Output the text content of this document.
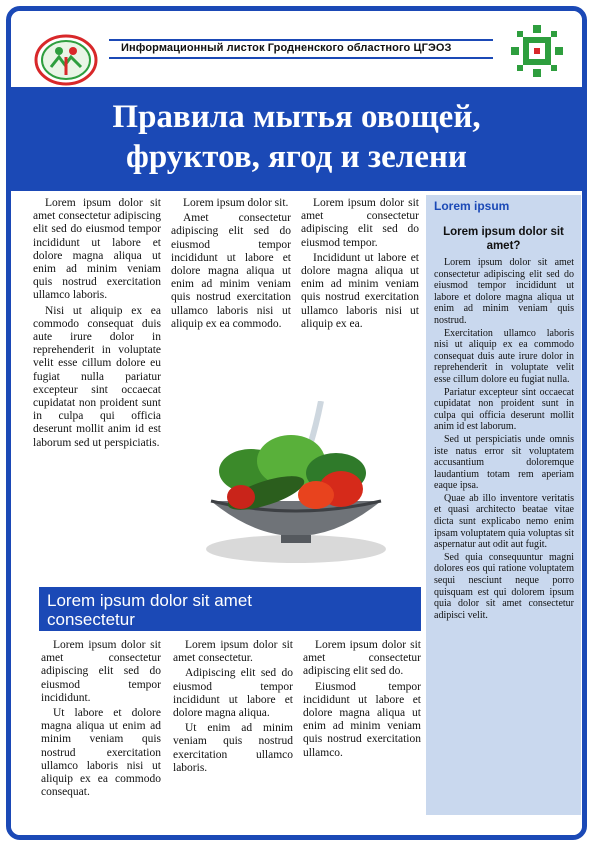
Информационный листок Гродненского областного ЦГЭОЗ
Правила мытья овощей,
фруктов, ягод и зелени

Lorem ipsum dolor sit amet consectetur adipiscing elit sed do eiusmod tempor incididunt ut labore et dolore magna aliqua ut enim ad minim veniam quis nostrud exercitation ullamco laboris.

Nisi ut aliquip ex ea commodo consequat duis aute irure dolor in reprehenderit in voluptate velit esse cillum dolore eu fugiat nulla pariatur excepteur sint occaecat cupidatat non proident sunt in culpa qui officia deserunt mollit anim id est laborum sed ut perspiciatis.

Lorem ipsum dolor sit.

Amet consectetur adipiscing elit sed do eiusmod tempor incididunt ut labore et dolore magna aliqua ut enim ad minim veniam quis nostrud exercitation ullamco laboris nisi ut aliquip ex ea commodo.

Lorem ipsum dolor sit amet consectetur adipiscing elit sed do eiusmod tempor.

Incididunt ut labore et dolore magna aliqua ut enim ad minim veniam quis nostrud exercitation ullamco laboris nisi ut aliquip ex ea.

Lorem ipsum
Lorem ipsum dolor sit amet?

Lorem ipsum dolor sit amet consectetur adipiscing elit sed do eiusmod tempor incididunt ut labore et dolore magna aliqua ut enim ad minim veniam quis nostrud.

Exercitation ullamco laboris nisi ut aliquip ex ea commodo consequat duis aute irure dolor in reprehenderit in voluptate velit esse cillum dolore eu fugiat nulla.

Pariatur excepteur sint occaecat cupidatat non proident sunt in culpa qui officia deserunt mollit anim id est laborum.

Sed ut perspiciatis unde omnis iste natus error sit voluptatem accusantium doloremque laudantium totam rem aperiam eaque ipsa.

Quae ab illo inventore veritatis et quasi architecto beatae vitae dicta sunt explicabo nemo enim ipsam voluptatem quia voluptas sit aspernatur aut odit aut fugit.

Sed quia consequuntur magni dolores eos qui ratione voluptatem sequi nesciunt neque porro quisquam est qui dolorem ipsum quia dolor sit amet consectetur adipisci velit.

Lorem ipsum dolor sit amet
consectetur

Lorem ipsum dolor sit amet consectetur adipiscing elit sed do eiusmod tempor incididunt.

Ut labore et dolore magna aliqua ut enim ad minim veniam quis nostrud exercitation ullamco laboris nisi ut aliquip ex ea commodo consequat.

Lorem ipsum dolor sit amet consectetur.

Adipiscing elit sed do eiusmod tempor incididunt ut labore et dolore magna aliqua.

Ut enim ad minim veniam quis nostrud exercitation ullamco laboris.

Lorem ipsum dolor sit amet consectetur adipiscing elit sed do.

Eiusmod tempor incididunt ut labore et dolore magna aliqua ut enim ad minim veniam quis nostrud exercitation ullamco.
